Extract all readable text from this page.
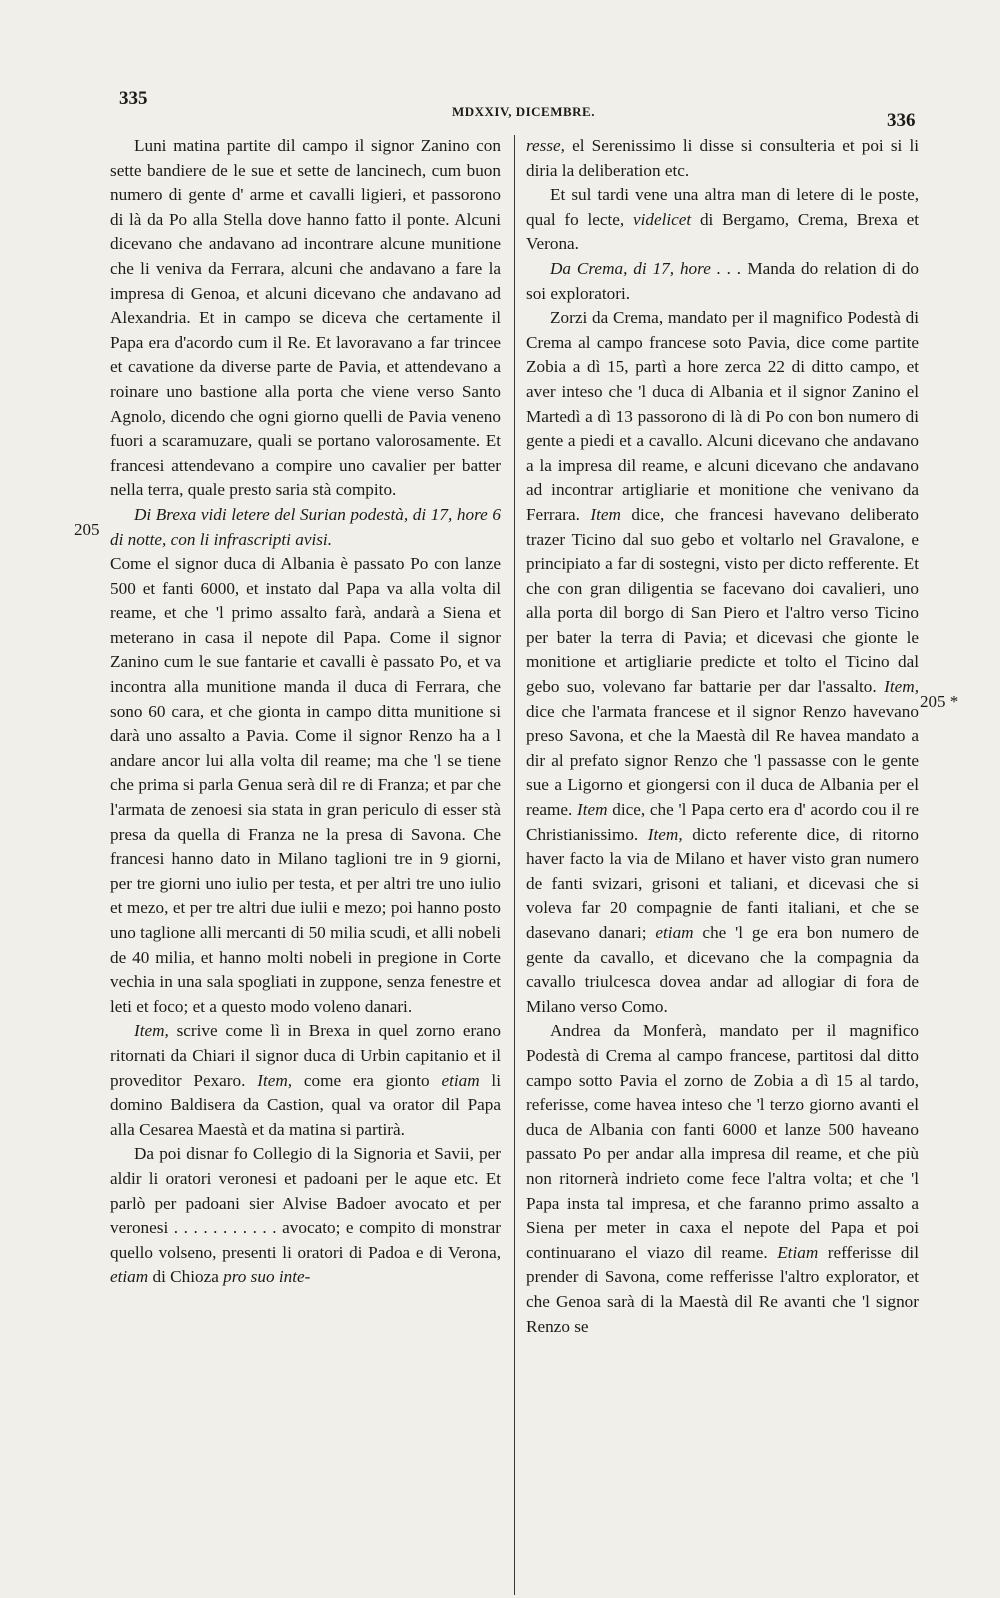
335
MDXXIV, DICEMBRE.	336
205
205 *

Luni matina partite dil campo il signor Zanino con sette bandiere de le sue et sette de lancinech, cum buon numero di gente d' arme et cavalli ligieri, et passorono di là da Po alla Stella dove hanno fatto il ponte. Alcuni dicevano che andavano ad incontrare alcune munitione che li veniva da Ferrara, alcuni che andavano a fare la impresa di Genoa, et alcuni dicevano che andavano ad Alexandria. Et in campo se diceva che certamente il Papa era d'acordo cum il Re. Et lavoravano a far trincee et cavatione da diverse parte de Pavia, et attendevano a roinare uno bastione alla porta che viene verso Santo Agnolo, dicendo che ogni giorno quelli de Pavia veneno fuori a scaramuzare, quali se portano valorosamente. Et francesi attendevano a compire uno cavalier per batter nella terra, quale presto saria stà compito.

Di Brexa vidi letere del Surian podestà, di 17, hore 6 di notte, con li infrascripti avisi.

Come el signor duca di Albania è passato Po con lanze 500 et fanti 6000, et instato dal Papa va alla volta dil reame, et che 'l primo assalto farà, andarà a Siena et meterano in casa il nepote dil Papa. Come il signor Zanino cum le sue fantarie et cavalli è passato Po, et va incontra alla munitione manda il duca di Ferrara, che sono 60 cara, et che gionta in campo ditta munitione si darà uno assalto a Pavia. Come il signor Renzo ha a l andare ancor lui alla volta dil reame; ma che 'l se tiene che prima si parla Genua serà dil re di Franza; et par che l'armata de zenoesi sia stata in gran periculo di esser stà presa da quella di Franza ne la presa di Savona. Che francesi hanno dato in Milano taglioni tre in 9 giorni, per tre giorni uno iulio per testa, et per altri tre uno iulio et mezo, et per tre altri due iulii e mezo; poi hanno posto uno taglione alli mercanti di 50 milia scudi, et alli nobeli de 40 milia, et hanno molti nobeli in pregione in Corte vechia in una sala spogliati in zuppone, senza fenestre et leti et foco; et a questo modo voleno danari.

Item, scrive come lì in Brexa in quel zorno erano ritornati da Chiari il signor duca di Urbin capitanio et il proveditor Pexaro. Item, come era gionto etiam li domino Baldisera da Castion, qual va orator dil Papa alla Cesarea Maestà et da matina si partirà.

Da poi disnar fo Collegio di la Signoria et Savii, per aldir li oratori veronesi et padoani per le aque etc. Et parlò per padoani sier Alvise Badoer avocato et per veronesi . . . . . . . . . . . avocato; e compito di monstrar quello volseno, presenti li oratori di Padoa e di Verona, etiam di Chioza pro suo inte-

resse, el Serenissimo li disse si consulteria et poi si li diria la deliberation etc.

Et sul tardi vene una altra man di letere di le poste, qual fo lecte, videlicet di Bergamo, Crema, Brexa et Verona.

Da Crema, di 17, hore . . . Manda do relation di do soi exploratori.

Zorzi da Crema, mandato per il magnifico Podestà di Crema al campo francese soto Pavia, dice come partite Zobia a dì 15, partì a hore zerca 22 di ditto campo, et aver inteso che 'l duca di Albania et il signor Zanino el Martedì a dì 13 passorono di là di Po con bon numero di gente a piedi et a cavallo. Alcuni dicevano che andavano a la impresa dil reame, e alcuni dicevano che andavano ad incontrar artigliarie et monitione che venivano da Ferrara. Item dice, che francesi havevano deliberato trazer Ticino dal suo gebo et voltarlo nel Gravalone, e principiato a far di sostegni, visto per dicto refferente. Et che con gran diligentia se facevano doi cavalieri, uno alla porta dil borgo di San Piero et l'altro verso Ticino per bater la terra di Pavia; et dicevasi che gionte le monitione et artigliarie predicte et tolto el Ticino dal gebo suo, volevano far battarie per dar l'assalto. Item, dice che l'armata francese et il signor Renzo havevano preso Savona, et che la Maestà dil Re havea mandato a dir al prefato signor Renzo che 'l passasse con le gente sue a Ligorno et giongersi con il duca de Albania per el reame. Item dice, che 'l Papa certo era d' acordo cou il re Christianissimo. Item, dicto referente dice, di ritorno haver facto la via de Milano et haver visto gran numero de fanti svizari, grisoni et taliani, et dicevasi che si voleva far 20 compagnie de fanti italiani, et che se dasevano danari; etiam che 'l ge era bon numero de gente da cavallo, et dicevano che la compagnia da cavallo triulcesca dovea andar ad allogiar di fora de Milano verso Como.

Andrea da Monferà, mandato per il magnifico Podestà di Crema al campo francese, partitosi dal ditto campo sotto Pavia el zorno de Zobia a dì 15 al tardo, referisse, come havea inteso che 'l terzo giorno avanti el duca de Albania con fanti 6000 et lanze 500 haveano passato Po per andar alla impresa dil reame, et che più non ritornerà indrieto come fece l'altra volta; et che 'l Papa insta tal impresa, et che faranno primo assalto a Siena per meter in caxa el nepote del Papa et poi continuarano el viazo dil reame. Etiam refferisse dil prender di Savona, come refferisse l'altro explorator, et che Genoa sarà di la Maestà dil Re avanti che 'l signor Renzo se
